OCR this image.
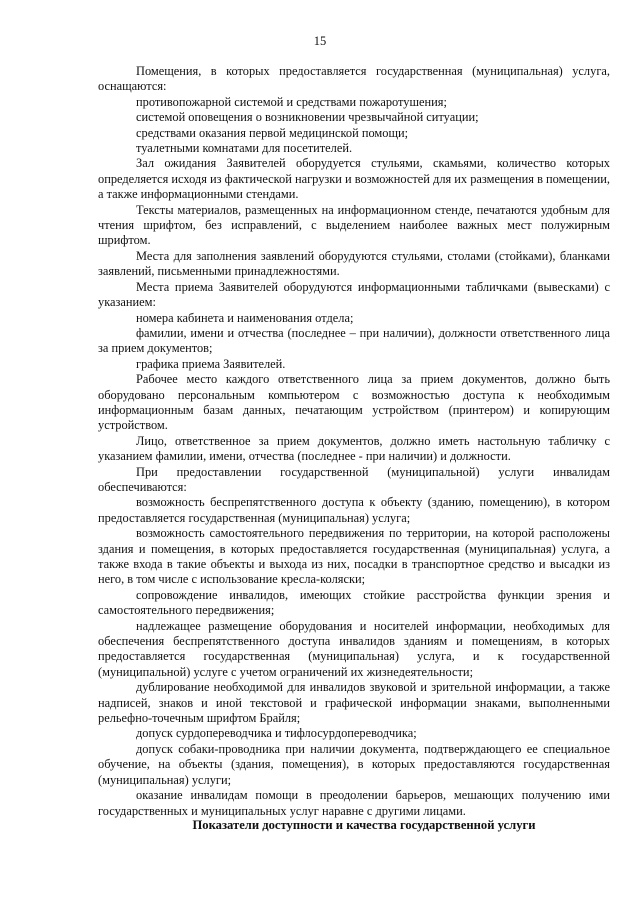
15

Помещения, в которых предоставляется государственная (муниципальная) услуга, оснащаются:

противопожарной системой и средствами пожаротушения;

системой оповещения о возникновении чрезвычайной ситуации;

средствами оказания первой медицинской помощи;

туалетными комнатами для посетителей.

Зал ожидания Заявителей оборудуется стульями, скамьями, количество которых определяется исходя из фактической нагрузки и возможностей для их размещения в помещении, а также информационными стендами.

Тексты материалов, размещенных на информационном стенде, печатаются удобным для чтения шрифтом, без исправлений, с выделением наиболее важных мест полужирным шрифтом.

Места для заполнения заявлений оборудуются стульями, столами (стойками), бланками заявлений, письменными принадлежностями.

Места приема Заявителей оборудуются информационными табличками (вывесками) с указанием:

номера кабинета и наименования отдела;

фамилии, имени и отчества (последнее – при наличии), должности ответственного лица за прием документов;

графика приема Заявителей.

Рабочее место каждого ответственного лица за прием документов, должно быть оборудовано персональным компьютером с возможностью доступа к необходимым информационным базам данных, печатающим устройством (принтером) и копирующим устройством.

Лицо, ответственное за прием документов, должно иметь настольную табличку с указанием фамилии, имени, отчества (последнее - при наличии) и должности.

При предоставлении государственной (муниципальной) услуги инвалидам обеспечиваются:

возможность беспрепятственного доступа к объекту (зданию, помещению), в котором предоставляется государственная (муниципальная) услуга;

возможность самостоятельного передвижения по территории, на которой расположены здания и помещения, в которых предоставляется государственная (муниципальная) услуга, а также входа в такие объекты и выхода из них, посадки в транспортное средство и высадки из него, в том числе с использование кресла-коляски;

сопровождение инвалидов, имеющих стойкие расстройства функции зрения и самостоятельного передвижения;

надлежащее размещение оборудования и носителей информации, необходимых для обеспечения беспрепятственного доступа инвалидов зданиям и помещениям, в которых предоставляется государственная (муниципальная) услуга, и к государственной (муниципальной) услуге с учетом ограничений их жизнедеятельности;

дублирование необходимой для инвалидов звуковой и зрительной информации, а также надписей, знаков и иной текстовой и графической информации знаками, выполненными рельефно-точечным шрифтом Брайля;

допуск сурдопереводчика и тифлосурдопереводчика;

допуск собаки-проводника при наличии документа, подтверждающего ее специальное обучение, на объекты (здания, помещения), в которых предоставляются государственная (муниципальная) услуги;

оказание инвалидам помощи в преодолении барьеров, мешающих получению ими государственных и муниципальных услуг наравне с другими лицами.

Показатели доступности и качества государственной услуги
